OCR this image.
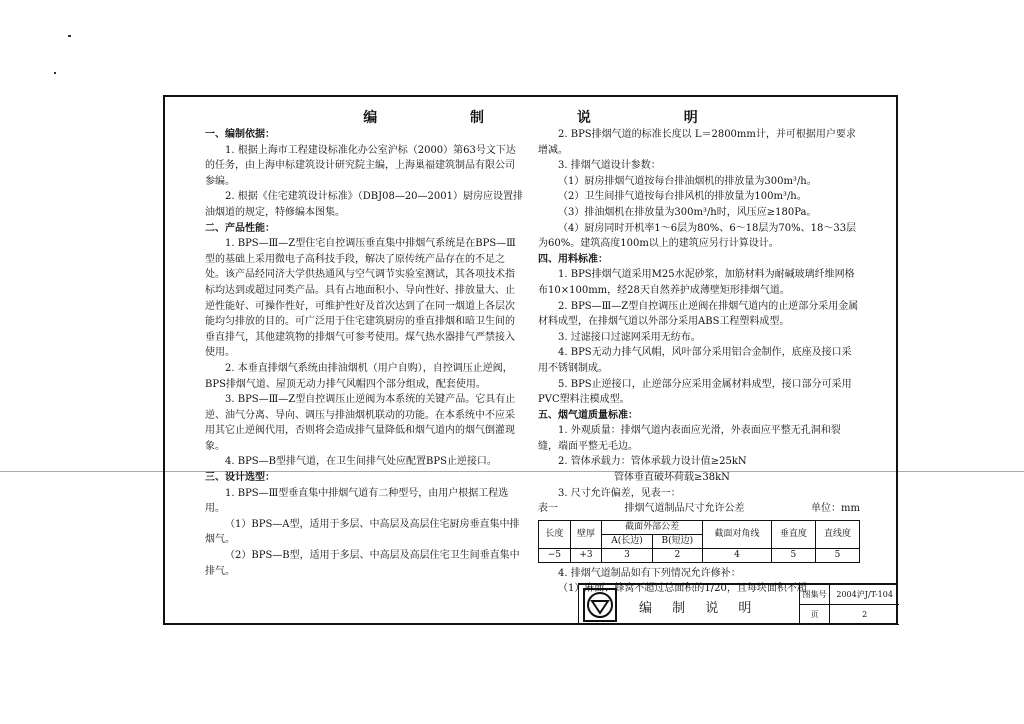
编 制 说 明

一、编制依据：

1. 根据上海市工程建设标准化办公室沪标（2000）第63号文下达的任务，由上海申标建筑设计研究院主编，上海巢福建筑制品有限公司参编。

2. 根据《住宅建筑设计标准》（DBJ08—20—2001）厨房应设置排油烟道的规定，特修编本图集。

二、产品性能：

1. BPS—Ⅲ—Z型住宅自控调压垂直集中排烟气系统是在BPS—Ⅲ型的基础上采用微电子高科技手段，解决了原传统产品存在的不足之处。该产品经同济大学供热通风与空气调节实验室测试，其各项技术指标均达到或超过同类产品。具有占地面积小、导向性好、排放量大、止逆性能好、可操作性好，可维护性好及首次达到了在同一烟道上各层次能均匀排放的目的。可广泛用于住宅建筑厨房的垂直排烟和暗卫生间的垂直排气，其他建筑物的排烟气可参考使用。煤气热水器排气严禁接入使用。

2. 本垂直排烟气系统由排油烟机（用户自购），自控调压止逆阀，BPS排烟气道、屋顶无动力排气风帽四个部分组成，配套使用。

3. BPS—Ⅲ—Z型自控调压止逆阀为本系统的关键产品。它具有止逆、油气分离、导向、调压与排油烟机联动的功能。在本系统中不应采用其它止逆阀代用，否则将会造成排气量降低和烟气道内的烟气倒灌现象。

4. BPS—B型排气道，在卫生间排气处应配置BPS止逆接口。

三、设计选型：

1. BPS—Ⅲ型垂直集中排烟气道有二种型号，由用户根据工程选用。

（1）BPS—A型，适用于多层、中高层及高层住宅厨房垂直集中排烟气。

（2）BPS—B型，适用于多层、中高层及高层住宅卫生间垂直集中排气。

2. BPS排烟气道的标准长度以 L＝2800mm计，并可根据用户要求增减。

3. 排烟气道设计参数：

（1）厨房排烟气道按每台排油烟机的排放量为300m³/h。

（2）卫生间排气道按每台排风机的排放量为100m³/h。

（3）排油烟机在排放量为300m³/h时，风压应≥180Pa。

（4）厨房同时开机率1～6层为80%、6～18层为70%、18～33层为60%。建筑高度100m以上的建筑应另行计算设计。

四、用料标准：

1. BPS排烟气道采用M25水泥砂浆，加筋材料为耐碱玻璃纤维网格布10×100mm，经28天自然养护成薄壁矩形排烟气道。

2. BPS—Ⅲ—Z型自控调压止逆阀在排烟气道内的止逆部分采用金属材料成型，在排烟气道以外部分采用ABS工程塑料成型。

3. 过滤接口过滤网采用无纺布。

4. BPS无动力排气风帽，风叶部分采用铝合金制作，底座及接口采用不锈钢制成。

5. BPS止逆接口，止逆部分应采用金属材料成型，接口部分可采用PVC塑料注模成型。

五、烟气道质量标准：

1. 外观质量：排烟气道内表面应光滑，外表面应平整无孔洞和裂缝，端面平整无毛边。

2. 管体承载力：管体承载力设计值≥25kN

管体垂直破坏荷载≥38kN

3. 尺寸允许偏差，见表一：

表一	排烟气道制品尺寸允许公差	单位：mm
长度	壁厚	截面外部公差		截面对角线	垂直度	直线度
		A(长边)	B(短边)			
−5	+3	3	2	4	5	5

4. 排烟气道制品如有下列情况允许修补：

（1）麻面、蜂窝不超过总面积的1/20，且每块面积不超

编 制 说 明
图集号	2004沪J/T-104
页	2
